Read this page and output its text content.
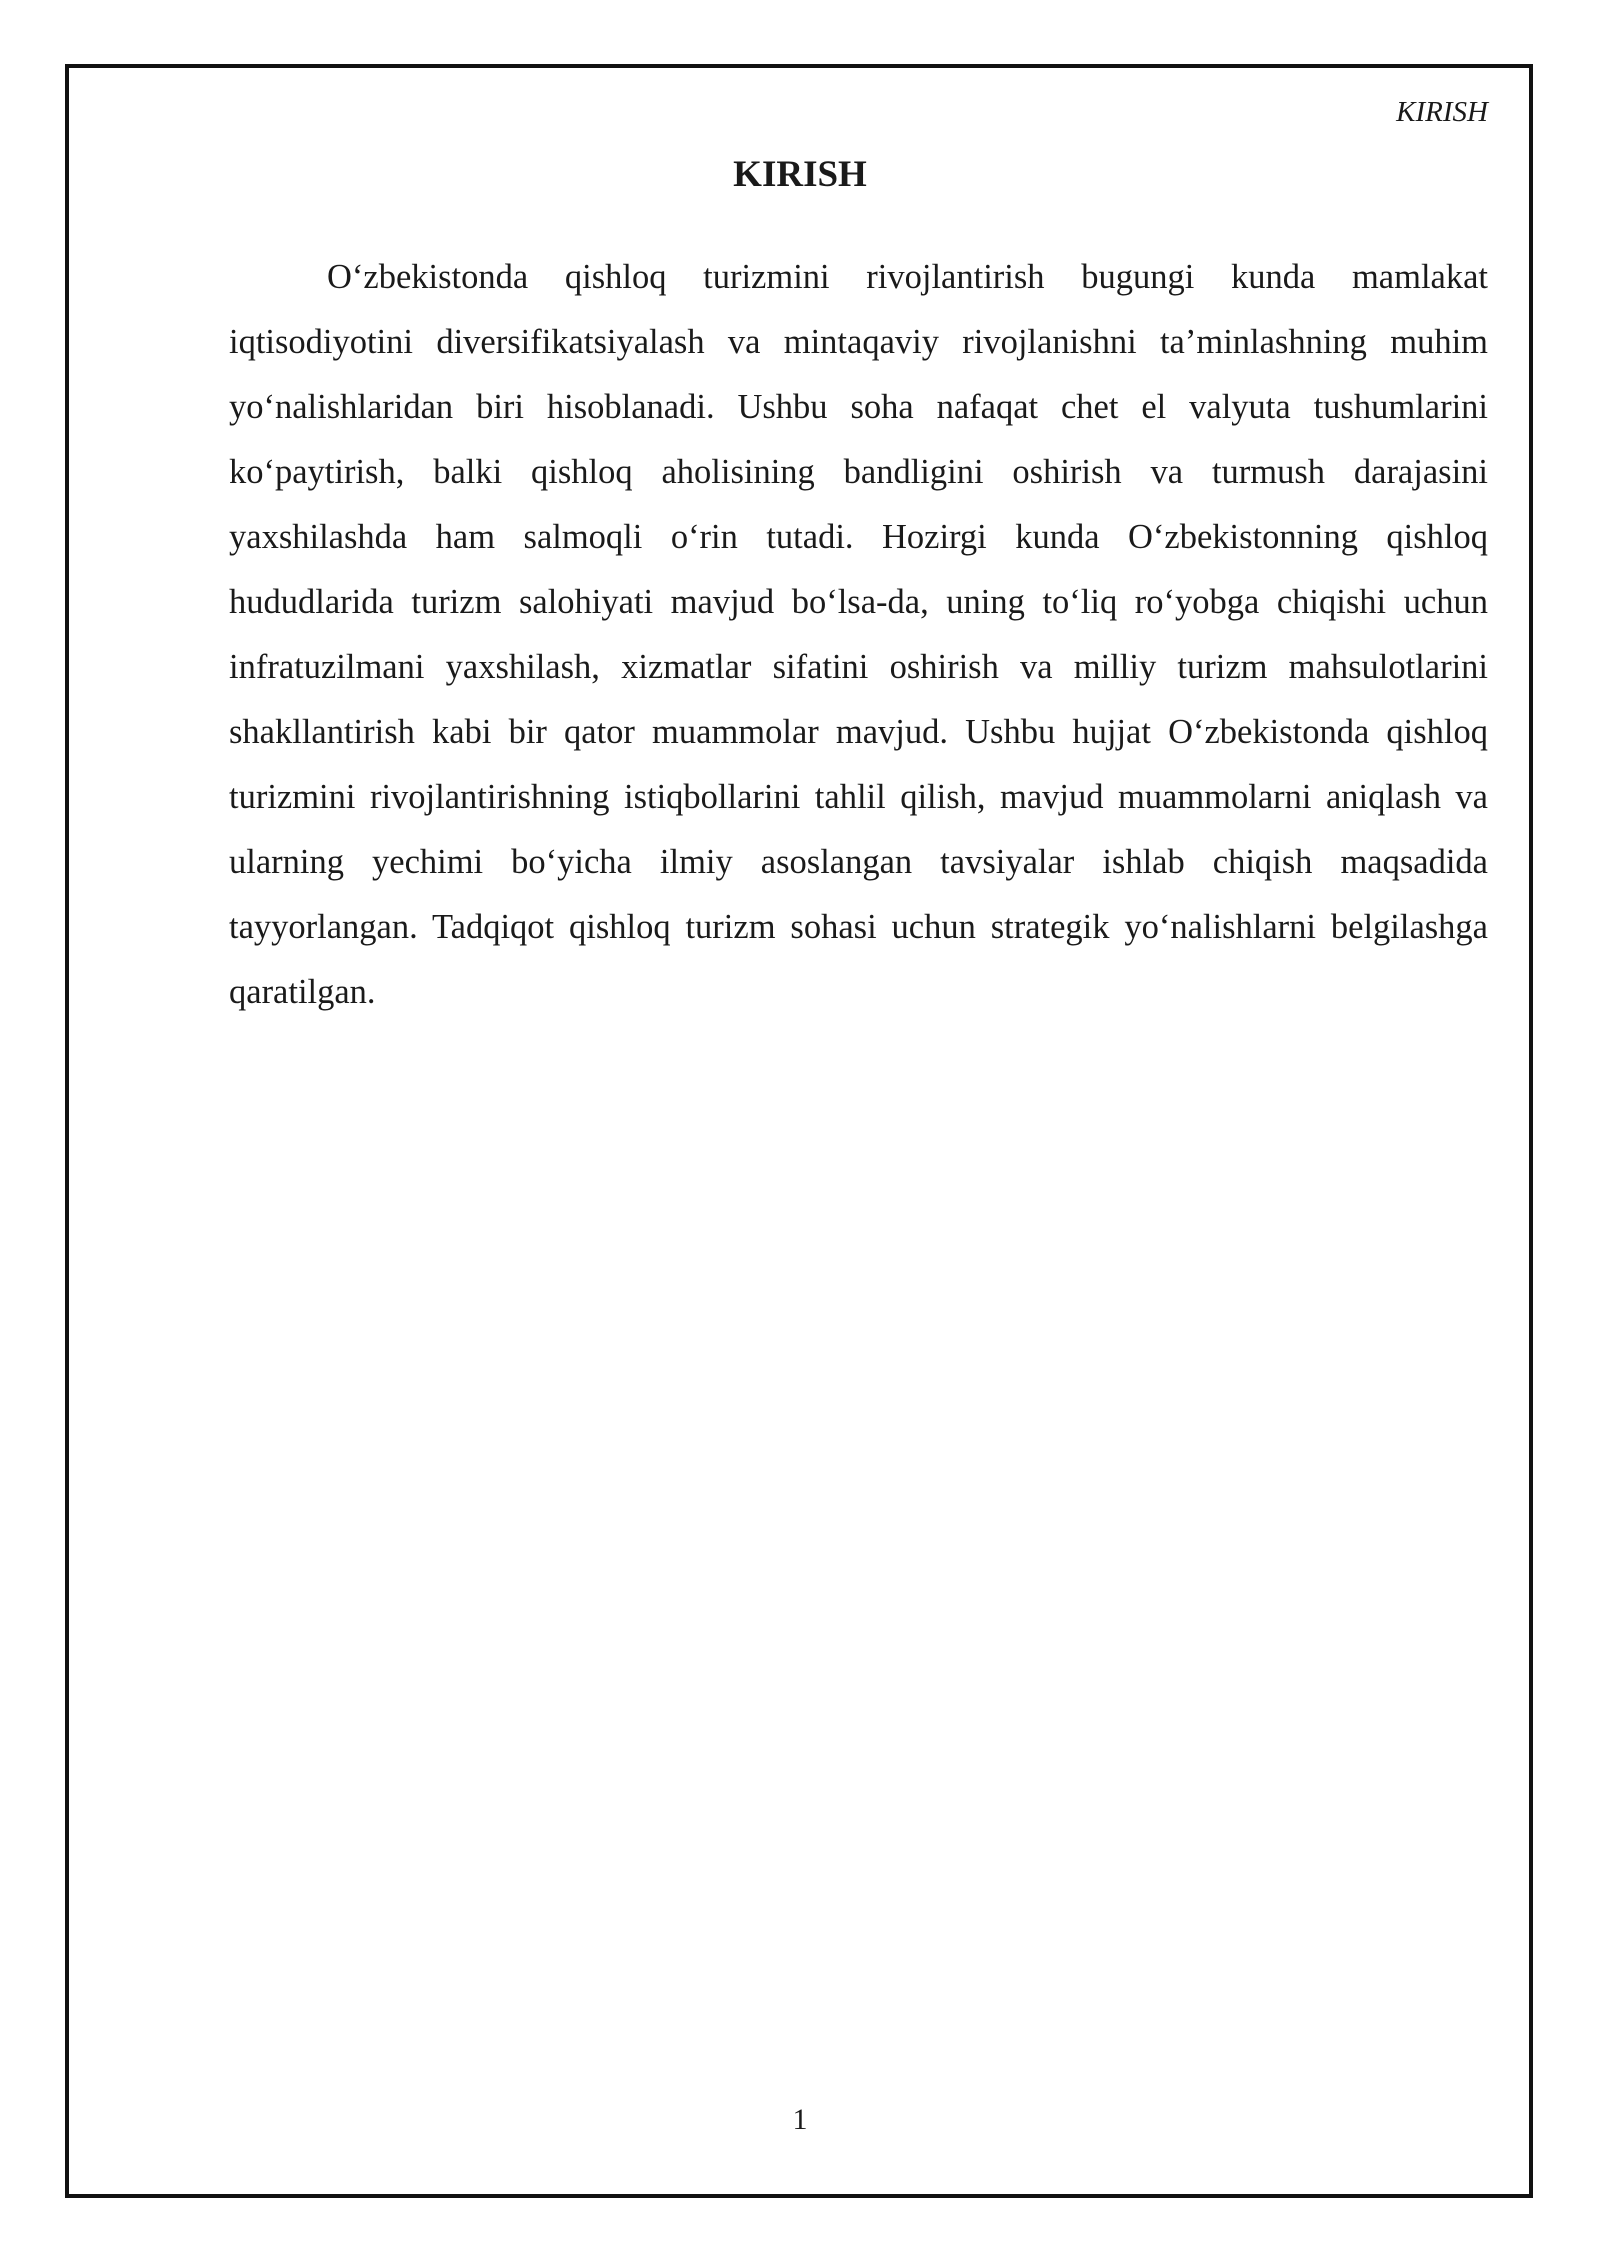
KIRISH
KIRISH

O‘zbekistonda qishloq turizmini rivojlantirish bugungi kunda mamlakat iqtisodiyotini diversifikatsiyalash va mintaqaviy rivojlanishni ta’minlashning muhim yo‘nalishlaridan biri hisoblanadi. Ushbu soha nafaqat chet el valyuta tushumlarini ko‘paytirish, balki qishloq aholisining bandligini oshirish va turmush darajasini yaxshilashda ham salmoqli o‘rin tutadi. Hozirgi kunda O‘zbekistonning qishloq hududlarida turizm salohiyati mavjud bo‘lsa-da, uning to‘liq ro‘yobga chiqishi uchun infratuzilmani yaxshilash, xizmatlar sifatini oshirish va milliy turizm mahsulotlarini shakllantirish kabi bir qator muammolar mavjud. Ushbu hujjat O‘zbekistonda qishloq turizmini rivojlantirishning istiqbollarini tahlil qilish, mavjud muammolarni aniqlash va ularning yechimi bo‘yicha ilmiy asoslangan tavsiyalar ishlab chiqish maqsadida tayyorlangan. Tadqiqot qishloq turizm sohasi uchun strategik yo‘nalishlarni belgilashga qaratilgan.

1
